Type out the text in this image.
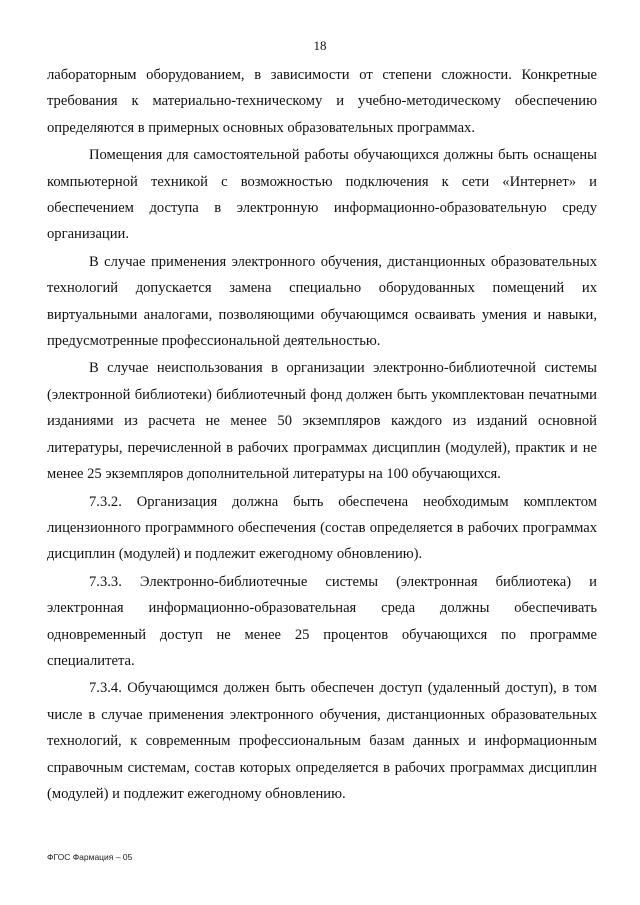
18

лабораторным оборудованием, в зависимости от степени сложности. Конкретные требования к материально-техническому и учебно-методическому обеспечению определяются в примерных основных образовательных программах.

Помещения для самостоятельной работы обучающихся должны быть оснащены компьютерной техникой с возможностью подключения к сети «Интернет» и обеспечением доступа в электронную информационно-образовательную среду организации.

В случае применения электронного обучения, дистанционных образовательных технологий допускается замена специально оборудованных помещений их виртуальными аналогами, позволяющими обучающимся осваивать умения и навыки, предусмотренные профессиональной деятельностью.

В случае неиспользования в организации электронно-библиотечной системы (электронной библиотеки) библиотечный фонд должен быть укомплектован печатными изданиями из расчета не менее 50 экземпляров каждого из изданий основной литературы, перечисленной в рабочих программах дисциплин (модулей), практик и не менее 25 экземпляров дополнительной литературы на 100 обучающихся.

7.3.2. Организация должна быть обеспечена необходимым комплектом лицензионного программного обеспечения (состав определяется в рабочих программах дисциплин (модулей) и подлежит ежегодному обновлению).

7.3.3. Электронно-библиотечные системы (электронная библиотека) и электронная информационно-образовательная среда должны обеспечивать одновременный доступ не менее 25 процентов обучающихся по программе специалитета.

7.3.4. Обучающимся должен быть обеспечен доступ (удаленный доступ), в том числе в случае применения электронного обучения, дистанционных образовательных технологий, к современным профессиональным базам данных и информационным справочным системам, состав которых определяется в рабочих программах дисциплин (модулей) и подлежит ежегодному обновлению.

ФГОС Фармация – 05
